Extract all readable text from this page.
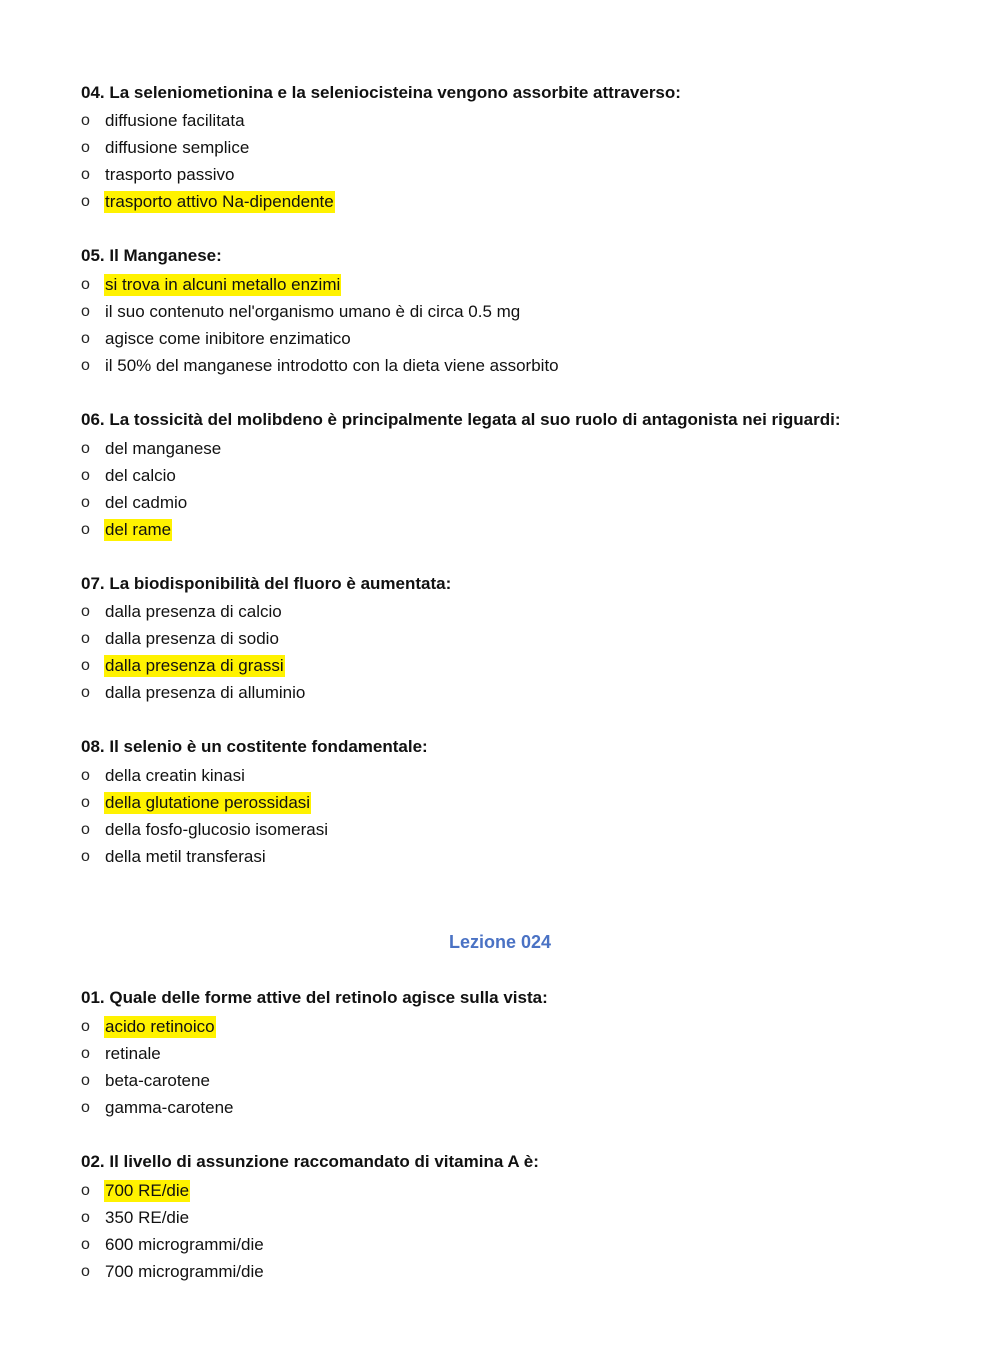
Lezione 024
04. La seleniometionina e la seleniocisteina vengono assorbite attraverso:
o diffusione facilitata
o diffusione semplice
o trasporto passivo
o trasporto attivo Na-dipendente
05. Il Manganese:
o si trova in alcuni metallo enzimi
o il suo contenuto nel'organismo umano è di circa 0.5 mg
o agisce come inibitore enzimatico
o il 50% del manganese introdotto con la dieta viene assorbito
06. La tossicità del molibdeno è principalmente legata al suo ruolo di antagonista nei riguardi:
o del manganese
o del calcio
o del cadmio
o del rame
07. La biodisponibilità del fluoro è aumentata:
o dalla presenza di calcio
o dalla presenza di sodio
o dalla presenza di grassi
o dalla presenza di alluminio
08. Il selenio è un costitente fondamentale:
o della creatin kinasi
o della glutatione perossidasi
o della fosfo-glucosio isomerasi
o della metil transferasi
01. Quale delle forme attive del retinolo agisce sulla vista:
o acido retinoico
o retinale
o beta-carotene
o gamma-carotene
02. Il livello di assunzione raccomandato di vitamina A è:
o 700 RE/die
o 350 RE/die
o 600 microgrammi/die
o 700 microgrammi/die
